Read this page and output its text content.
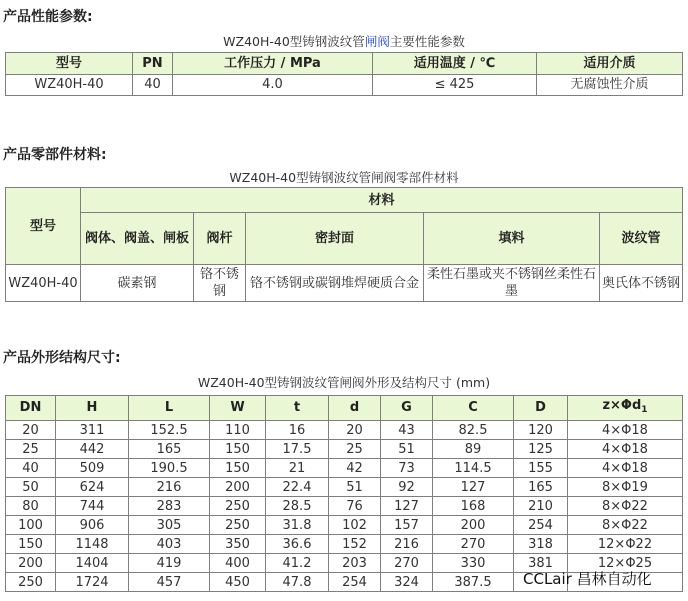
产品性能参数:
WZ40H-40型铸钢波纹管闸阀主要性能参数
型号	PN	工作压力 / MPa	适用温度 / ℃	适用介质
WZ40H-40	40	4.0	≤ 425	无腐蚀性介质
产品零部件材料:
WZ40H-40型铸钢波纹管闸阀零部件材料
型号	材料				
	阀体、阀盖、闸板	阀杆	密封面	填料	波纹管
WZ40H-40	碳素钢	铬不锈钢	铬不锈钢或碳钢堆焊硬质合金	柔性石墨或夹不锈钢丝柔性石墨	奥氏体不锈钢
产品外形结构尺寸:
WZ40H-40型铸钢波纹管闸阀外形及结构尺寸 (mm)
DN	H	L	W	t	d	G	C	D	$z\times\Phi d_1$
20	311	152.5	110	16	20	43	82.5	120	4×Φ18
25	442	165	150	17.5	25	51	89	125	4×Φ18
40	509	190.5	150	21	42	73	114.5	155	4×Φ18
50	624	216	200	22.4	51	92	127	165	8×Φ19
80	744	283	250	28.5	76	127	168	210	8×Φ22
100	906	305	250	31.8	102	157	200	254	8×Φ22
150	1148	403	350	36.6	152	216	270	318	12×Φ22
200	1404	419	400	41.2	203	270	330	381	12×Φ25
250	1724	457	450	47.8	254	324	387.5		CCLair 昌林自动化
